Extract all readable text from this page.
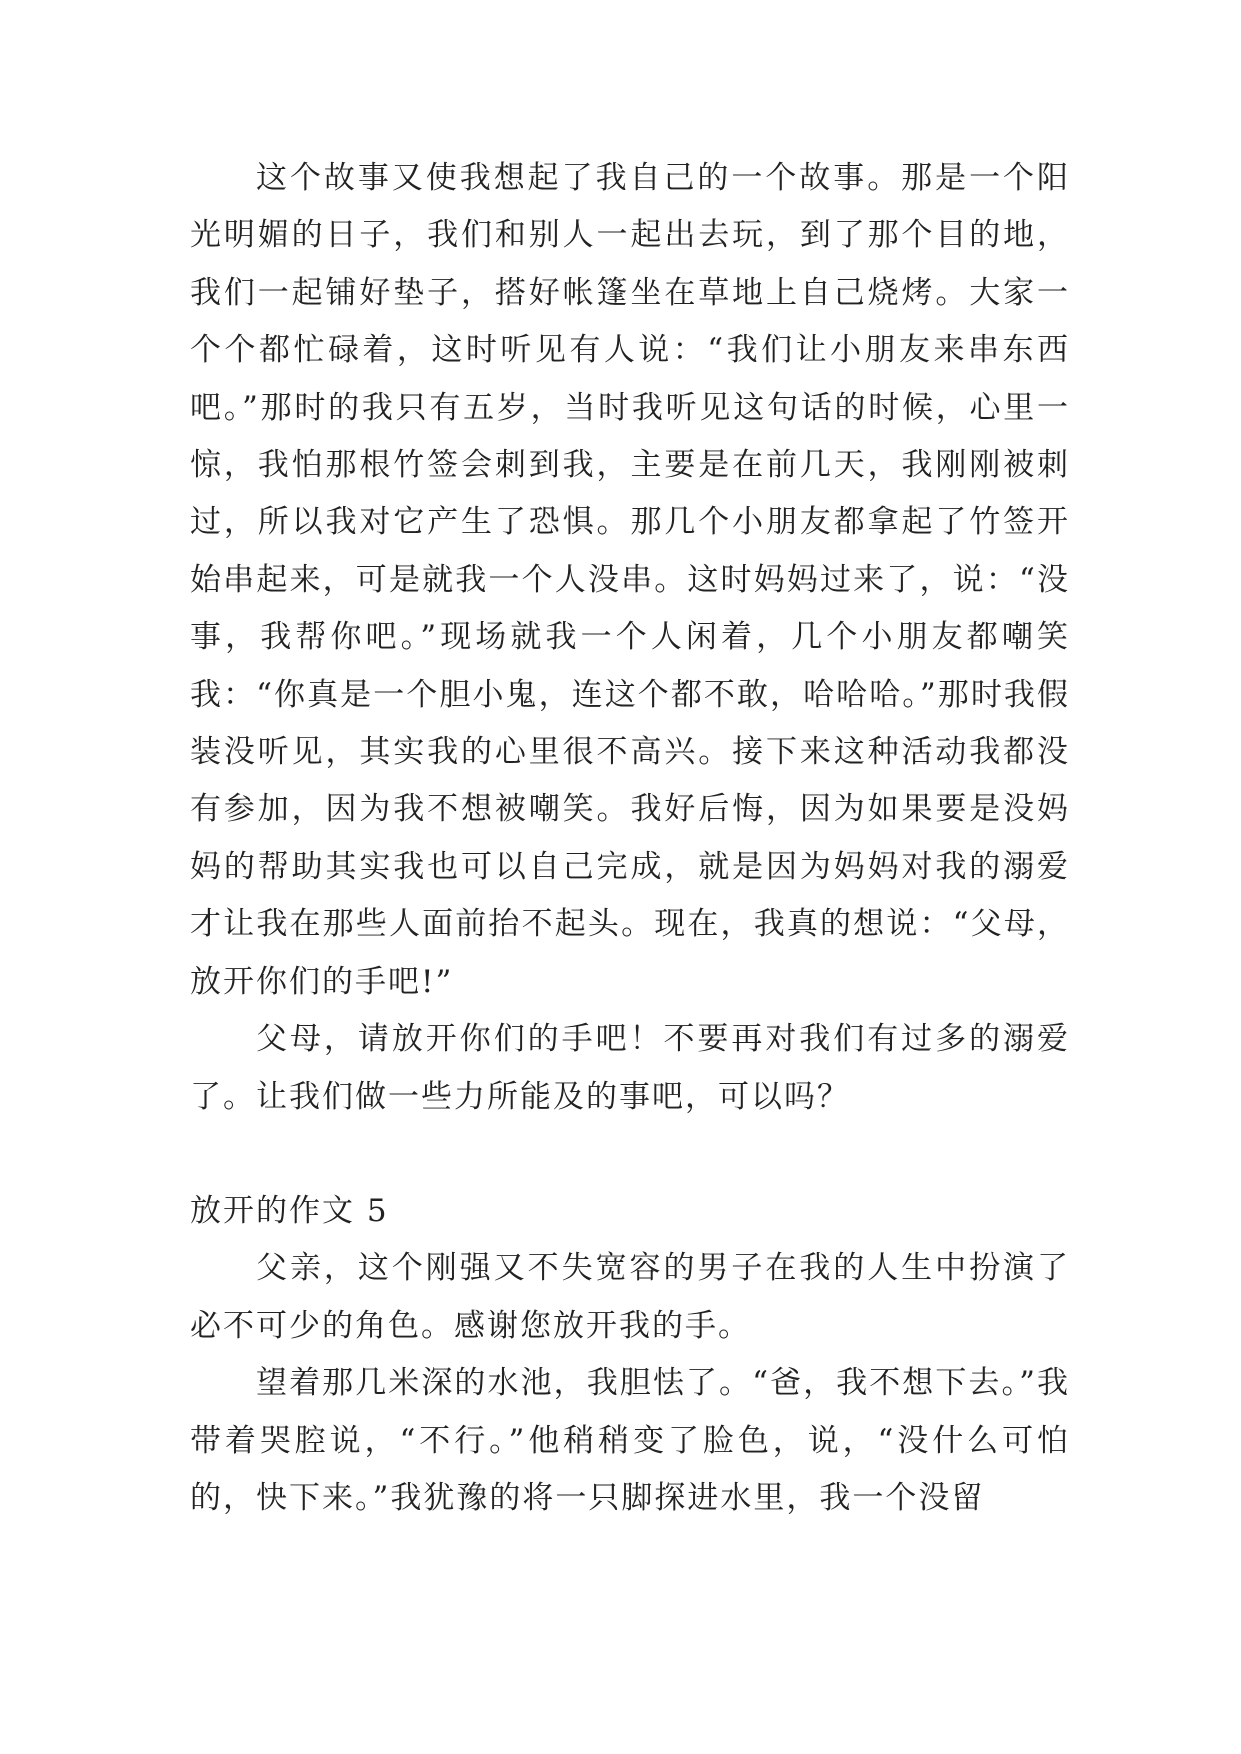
这个故事又使我想起了我自己的一个故事。那是一个阳光明媚的日子，我们和别人一起出去玩，到了那个目的地，我们一起铺好垫子，搭好帐篷坐在草地上自己烧烤。大家一个个都忙碌着，这时听见有人说：“我们让小朋友来串东西吧。”那时的我只有五岁，当时我听见这句话的时候，心里一惊，我怕那根竹签会刺到我，主要是在前几天，我刚刚被刺过，所以我对它产生了恐惧。那几个小朋友都拿起了竹签开始串起来，可是就我一个人没串。这时妈妈过来了，说：“没事，我帮你吧。”现场就我一个人闲着，几个小朋友都嘲笑我：“你真是一个胆小鬼，连这个都不敢，哈哈哈。”那时我假装没听见，其实我的心里很不高兴。接下来这种活动我都没有参加，因为我不想被嘲笑。我好后悔，因为如果要是没妈妈的帮助其实我也可以自己完成，就是因为妈妈对我的溺爱才让我在那些人面前抬不起头。现在，我真的想说：“父母，放开你们的手吧!”

父母，请放开你们的手吧！不要再对我们有过多的溺爱了。让我们做一些力所能及的事吧，可以吗？

放开的作文 5

父亲，这个刚强又不失宽容的男子在我的人生中扮演了必不可少的角色。感谢您放开我的手。

望着那几米深的水池，我胆怯了。“爸，我不想下去。”我带着哭腔说，“不行。”他稍稍变了脸色，说，“没什么可怕的，快下来。”我犹豫的将一只脚探进水里，我一个没留
